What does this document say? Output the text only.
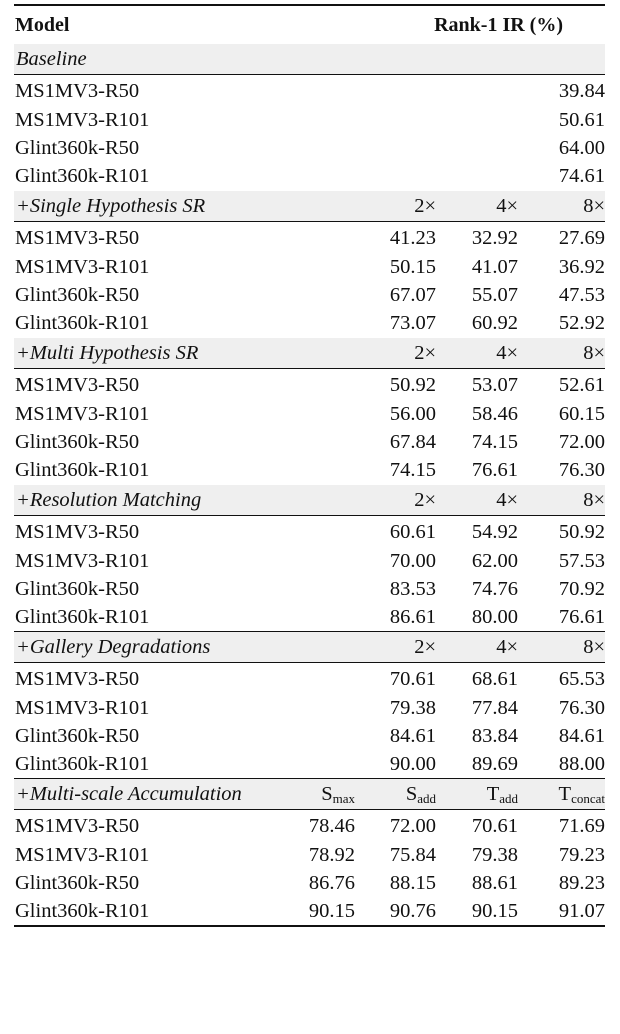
Model	Rank-1 IR (%)
Baseline
MS1MV3-R50	39.84
MS1MV3-R101	50.61
Glint360k-R50	64.00
Glint360k-R101	74.61
+Single Hypothesis SR	2×	4×	8×
MS1MV3-R50	41.23 32.92 27.69
MS1MV3-R101	50.15 41.07 36.92
Glint360k-R50	67.07 55.07 47.53
Glint360k-R101	73.07 60.92 52.92
+Multi Hypothesis SR	2×	4×	8×
MS1MV3-R50	50.92 53.07 52.61
MS1MV3-R101	56.00 58.46 60.15
Glint360k-R50	67.84 74.15 72.00
Glint360k-R101	74.15 76.61 76.30
+Resolution Matching	2×	4×	8×
MS1MV3-R50	60.61 54.92 50.92
MS1MV3-R101	70.00 62.00 57.53
Glint360k-R50	83.53 74.76 70.92
Glint360k-R101	86.61 80.00 76.61
+Gallery Degradations	2×	4×	8×
MS1MV3-R50	70.61 68.61 65.53
MS1MV3-R101	79.38 77.84 76.30
Glint360k-R50	84.61 83.84 84.61
Glint360k-R101	90.00 89.69 88.00
+Multi-scale Accumulation	$S_{max}$ $S_{add}$ $T_{add}$ $T_{concat}$
MS1MV3-R50	78.46 72.00 70.61 71.69
MS1MV3-R101	78.92 75.84 79.38 79.23
Glint360k-R50	86.76 88.15 88.61 89.23
Glint360k-R101	90.15 90.76 90.15 91.07
